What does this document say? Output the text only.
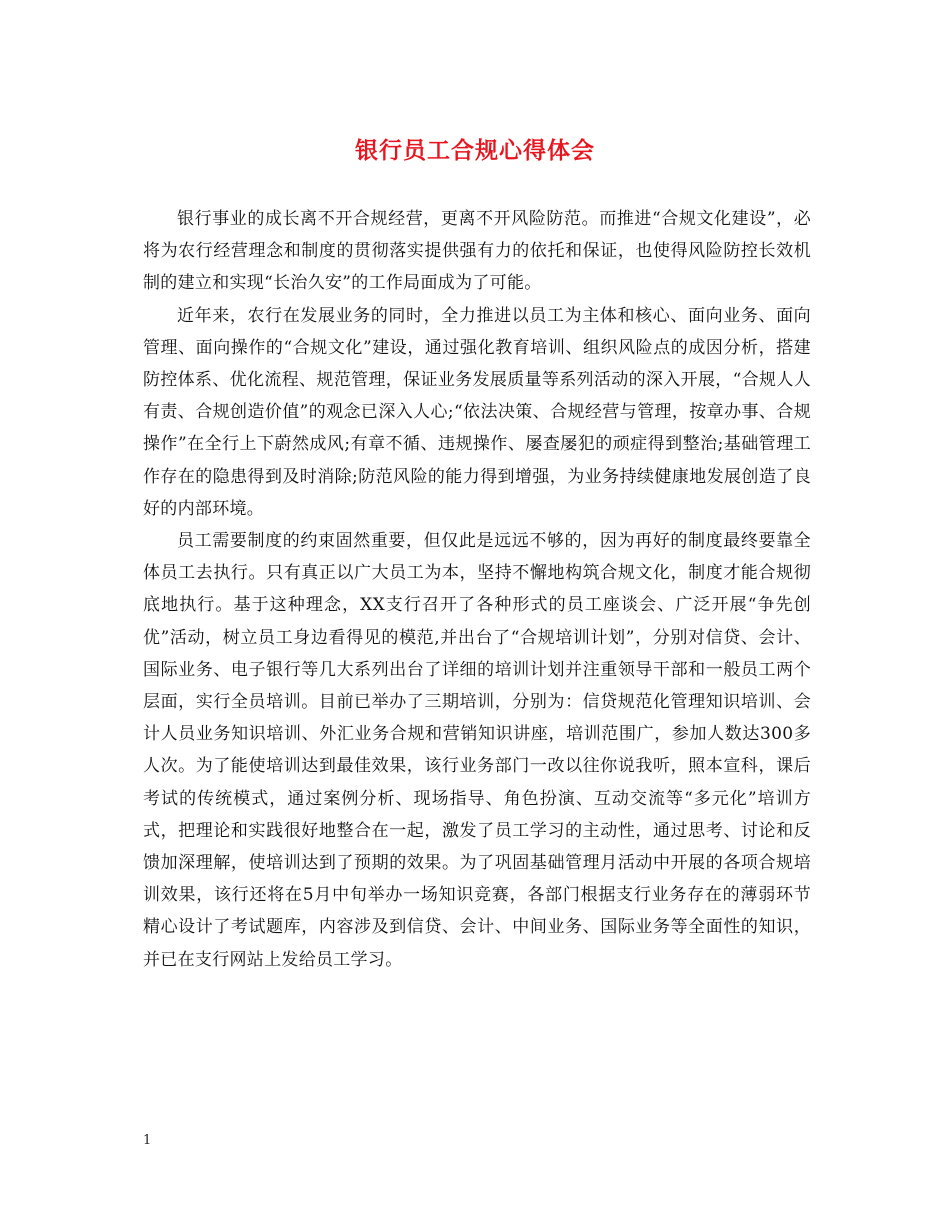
银行员工合规心得体会

银行事业的成长离不开合规经营，更离不开风险防范。而推进“合规文化建设”，必将为农行经营理念和制度的贯彻落实提供强有力的依托和保证，也使得风险防控长效机制的建立和实现“长治久安”的工作局面成为了可能。

近年来，农行在发展业务的同时，全力推进以员工为主体和核心、面向业务、面向管理、面向操作的“合规文化”建设，通过强化教育培训、组织风险点的成因分析，搭建防控体系、优化流程、规范管理，保证业务发展质量等系列活动的深入开展，“合规人人有责、合规创造价值”的观念已深入人心;“依法决策、合规经营与管理，按章办事、合规操作”在全行上下蔚然成风;有章不循、违规操作、屡查屡犯的顽症得到整治;基础管理工作存在的隐患得到及时消除;防范风险的能力得到增强，为业务持续健康地发展创造了良好的内部环境。

员工需要制度的约束固然重要，但仅此是远远不够的，因为再好的制度最终要靠全体员工去执行。只有真正以广大员工为本，坚持不懈地构筑合规文化，制度才能合规彻底地执行。基于这种理念，XX支行召开了各种形式的员工座谈会、广泛开展“争先创优”活动，树立员工身边看得见的模范,并出台了“合规培训计划”，分别对信贷、会计、国际业务、电子银行等几大系列出台了详细的培训计划并注重领导干部和一般员工两个层面，实行全员培训。目前已举办了三期培训，分别为：信贷规范化管理知识培训、会计人员业务知识培训、外汇业务合规和营销知识讲座，培训范围广，参加人数达300多人次。为了能使培训达到最佳效果，该行业务部门一改以往你说我听，照本宣科，课后考试的传统模式，通过案例分析、现场指导、角色扮演、互动交流等“多元化”培训方式，把理论和实践很好地整合在一起，激发了员工学习的主动性，通过思考、讨论和反馈加深理解，使培训达到了预期的效果。为了巩固基础管理月活动中开展的各项合规培训效果，该行还将在5月中旬举办一场知识竞赛，各部门根据支行业务存在的薄弱环节精心设计了考试题库，内容涉及到信贷、会计、中间业务、国际业务等全面性的知识，并已在支行网站上发给员工学习。

1
